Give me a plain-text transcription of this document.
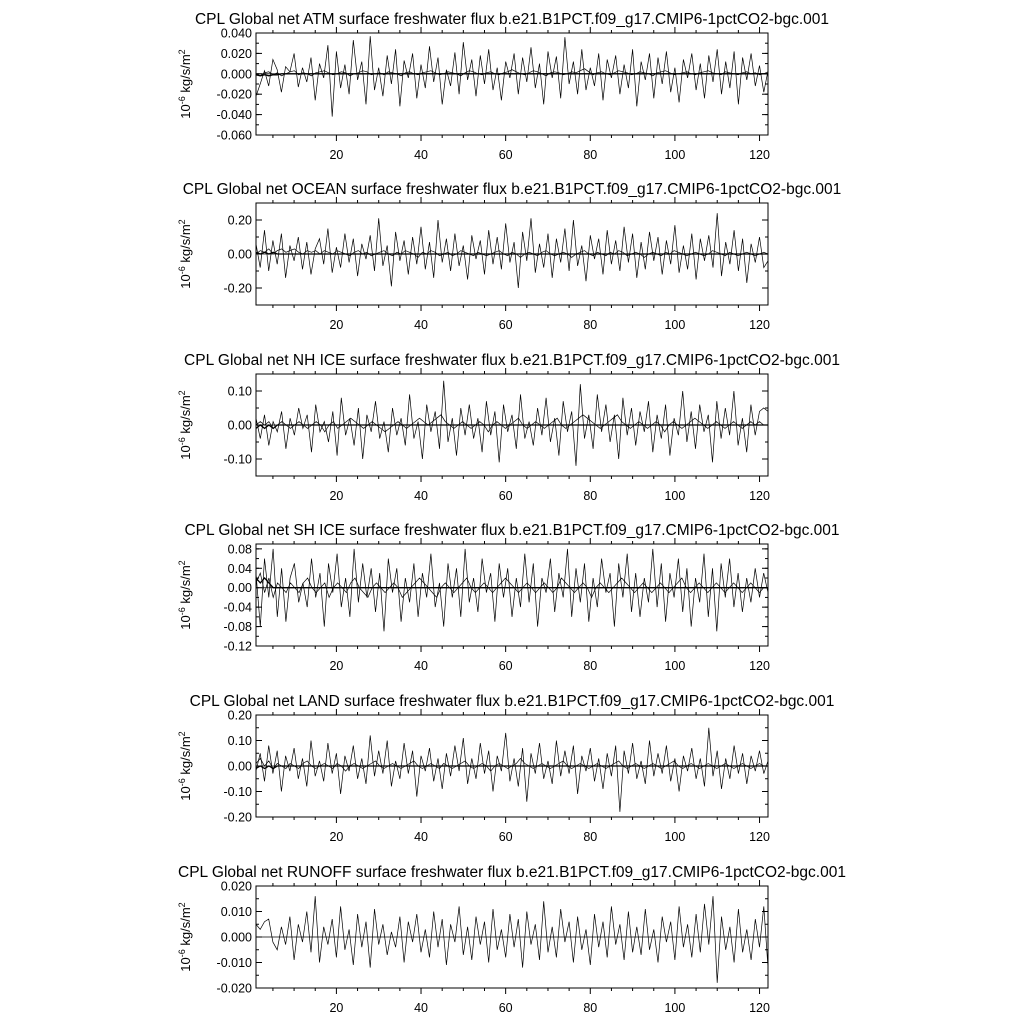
CPL Global net ATM surface freshwater flux b.e21.B1PCT.f09_g17.CMIP6-1pctCO2-bgc.001
$10^{-6}$ $kg/s/m^2$
-0.060
-0.040
-0.020
0.000
0.020
0.040
20	40	60	80	100	120
CPL Global net OCEAN surface freshwater flux b.e21.B1PCT.f09_g17.CMIP6-1pctCO2-bgc.001
$10^{-6}$ $kg/s/m^2$
-0.20
0.00
0.20
20	40	60	80	100	120
CPL Global net NH ICE surface freshwater flux b.e21.B1PCT.f09_g17.CMIP6-1pctCO2-bgc.001
$10^{-6}$ $kg/s/m^2$
-0.10
0.00
0.10
20	40	60	80	100	120
CPL Global net SH ICE surface freshwater flux b.e21.B1PCT.f09_g17.CMIP6-1pctCO2-bgc.001
$10^{-6}$ $kg/s/m^2$
-0.12
-0.08
-0.04
0.00
0.04
0.08
20	40	60	80	100	120
CPL Global net LAND surface freshwater flux b.e21.B1PCT.f09_g17.CMIP6-1pctCO2-bgc.001
$10^{-6}$ $kg/s/m^2$
-0.20
-0.10
0.00
0.10
0.20
20	40	60	80	100	120
CPL Global net RUNOFF surface freshwater flux b.e21.B1PCT.f09_g17.CMIP6-1pctCO2-bgc.001
$10^{-6}$ $kg/s/m^2$
-0.020
-0.010
0.000
0.010
0.020
20	40	60	80	100	120
